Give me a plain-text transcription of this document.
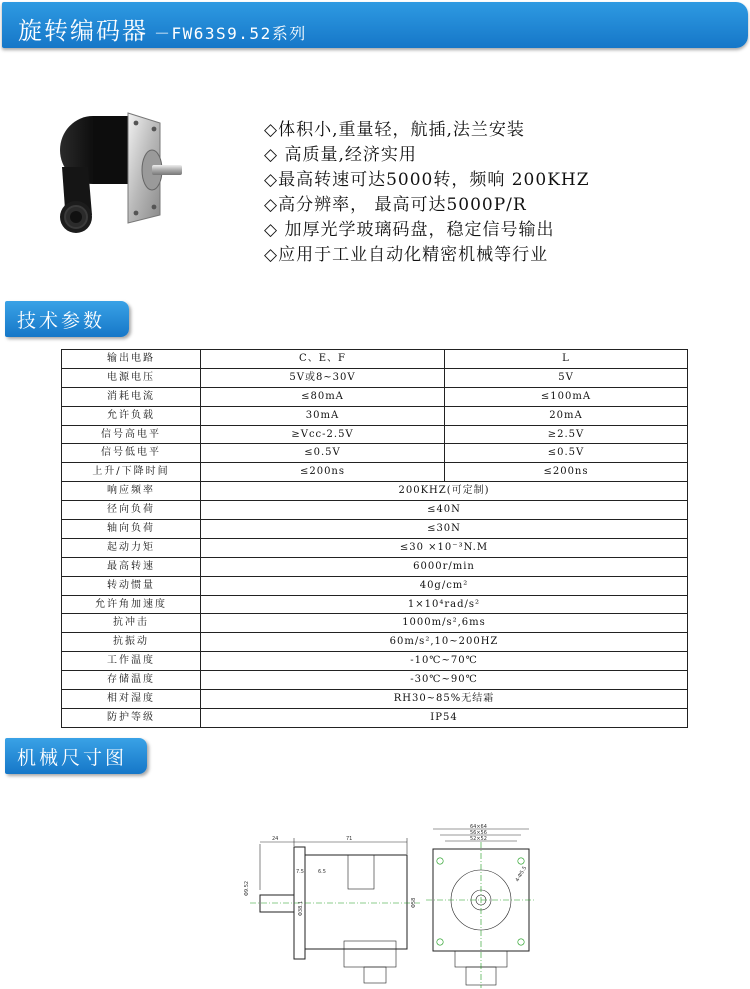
旋转编码器 －FW63S9.52系列
◇体积小,重量轻，航插,法兰安装
◇ 高质量,经济实用
◇最高转速可达5000转，频响 200KHZ
◇高分辨率， 最高可达5000P/R
◇ 加厚光学玻璃码盘，稳定信号输出
◇应用于工业自动化精密机械等行业
技术参数
输出电路	C、E、F	L
电源电压	5V或8~30V	5V
消耗电流	≤80mA	≤100mA
允许负载	30mA	20mA
信号高电平	≥Vcc-2.5V	≥2.5V
信号低电平	≤0.5V	≤0.5V
上升/下降时间	≤200ns	≤200ns
响应频率	200KHZ(可定制)	
径向负荷	≤40N	
轴向负荷	≤30N	
起动力矩	≤30 ×10⁻³N.M	
最高转速	6000r/min	
转动惯量	40g/cm²	
允许角加速度	1×10⁴rad/s²	
抗冲击	1000m/s²,6ms	
抗振动	60m/s²,10~200HZ	
工作温度	-10℃~70℃	
存储温度	-30℃~90℃	
相对湿度	RH30~85%无结霜	
防护等级	IP54	
机械尺寸图
24	71
7.5	6.5
Φ9.52
Φ38.1	Φ58
64×64
56×56
52×52
4-Φ5.5
